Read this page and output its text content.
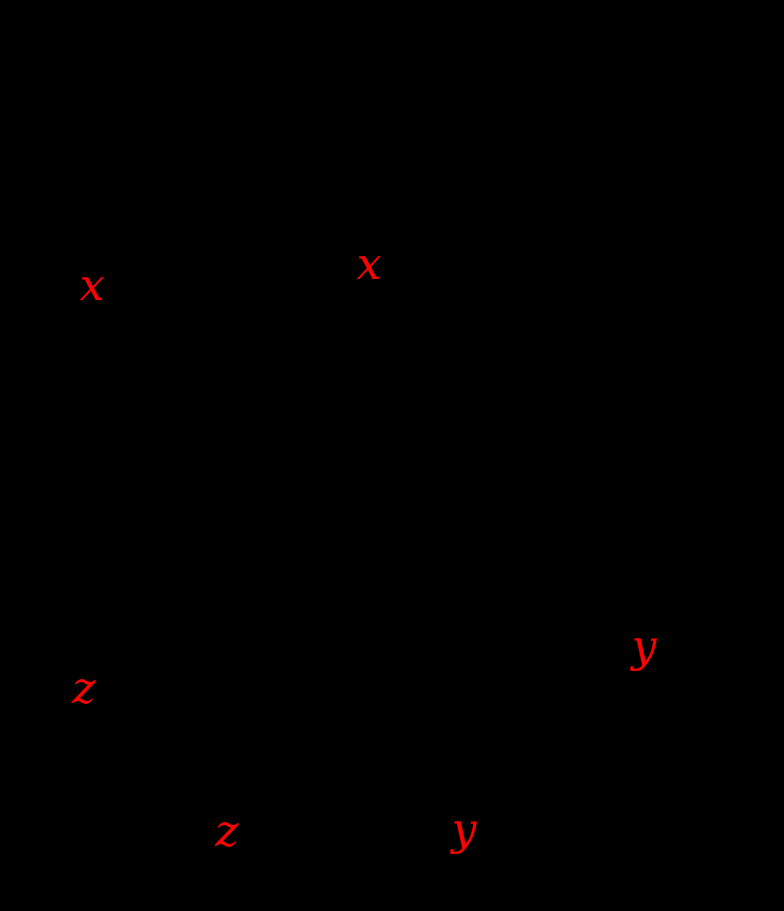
x	x
y
y
z
z
